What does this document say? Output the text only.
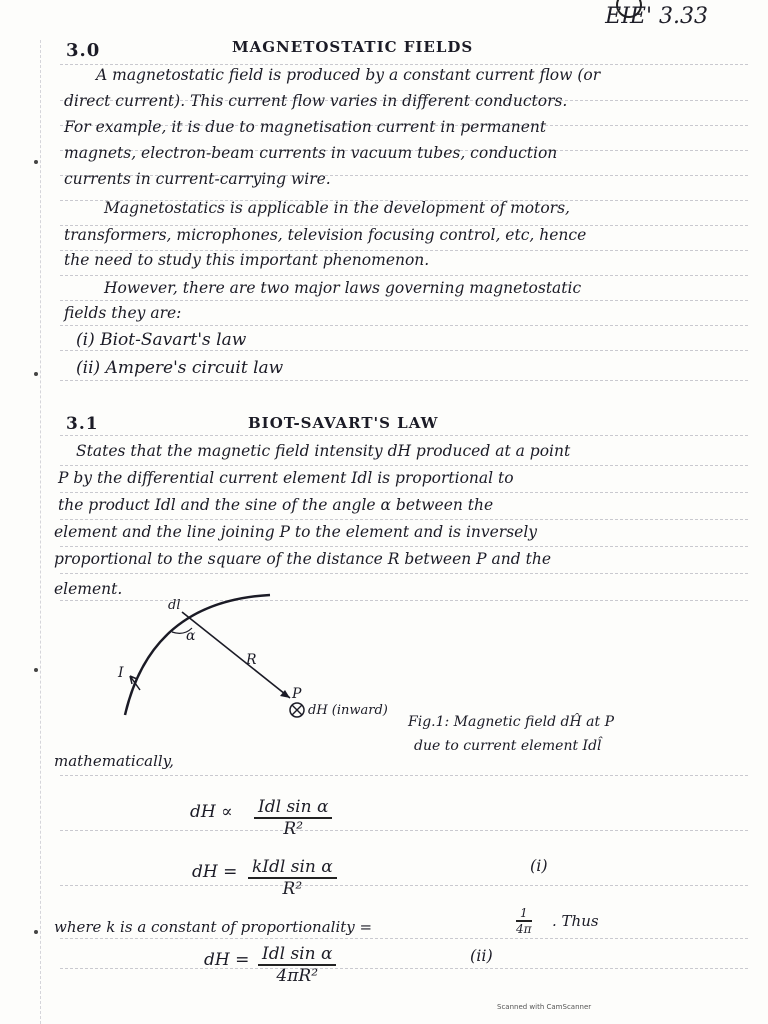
EIE' 3.33
3.0	MAGNETOSTATIC FIELDS
A magnetostatic field is produced by a constant current flow (or
direct current). This current flow varies in different conductors.
For example, it is due to magnetisation current in permanent
magnets, electron-beam currents in vacuum tubes, conduction
currents in current-carrying wire.
Magnetostatics is applicable in the development of motors,
transformers, microphones, television focusing control, etc, hence
the need to study this important phenomenon.
However, there are two major laws governing magnetostatic
fields they are:
(i) Biot-Savart's law
(ii) Ampere's circuit law
3.1	BIOT-SAVART'S LAW
States that the magnetic field intensity dH produced at a point
P by the differential current element Idl is proportional to
the product Idl and the sine of the angle α between the
element and the line joining P to the element and is inversely
proportional to the square of the distance R between P and the
element.
dl
α
R
P
I
dH (inward)
Fig.1: Magnetic field dĤ at P
due to current element Idl̂
mathematically,
dH ∝ Idl sin α
R²
dH = kIdl sin α
R²
(i)
where k is a constant of proportionality =	$\frac{1}{4\pi}$ . Thus
dH = Idl sin α
4πR²
(ii)
Scanned with CamScanner
